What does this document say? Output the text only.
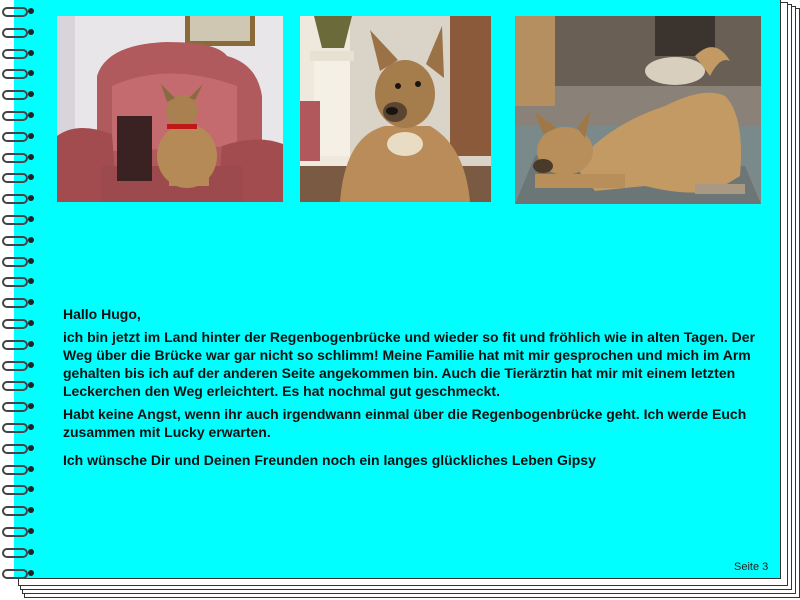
Hallo Hugo,
ich bin jetzt im Land hinter der Regenbogenbrücke und wieder so fit und fröhlich wie in alten Tagen. Der Weg über die Brücke war gar nicht so schlimm! Meine Familie hat mit mir gesprochen und mich im Arm gehalten bis ich auf der anderen Seite angekommen bin. Auch die Tierärztin hat mir mit einem letzten Leckerchen den Weg erleichtert. Es hat nochmal gut geschmeckt.
Habt keine Angst, wenn ihr auch irgendwann einmal über die Regenbogenbrücke geht. Ich werde Euch zusammen mit Lucky erwarten.
Ich wünsche Dir und Deinen Freunden noch ein langes glückliches Leben Gipsy
Seite 3
